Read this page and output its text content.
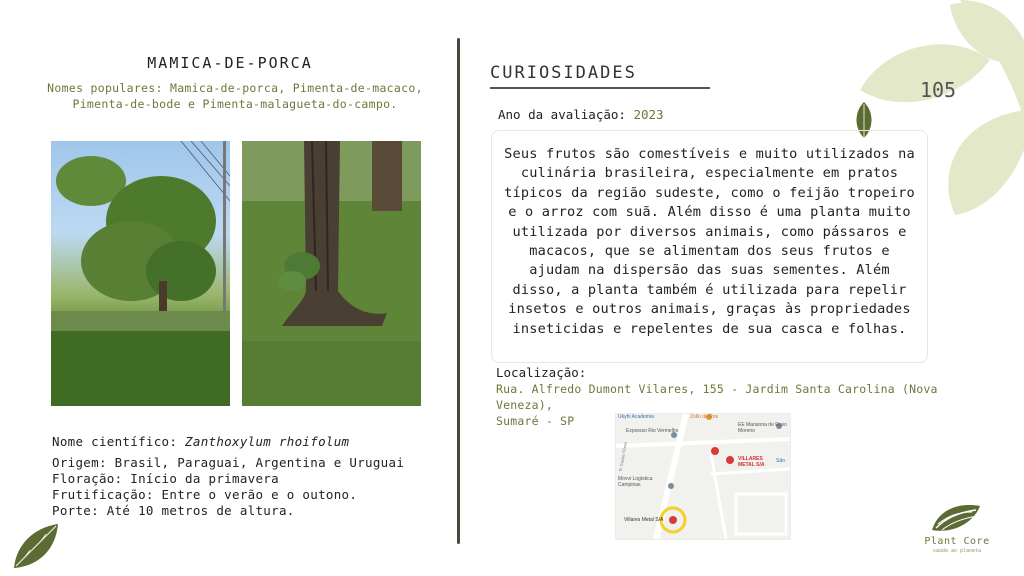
MAMICA-DE-PORCA
Nomes populares: Mamica-de-porca, Pimenta-de-macaco,
Pimenta-de-bode e Pimenta-malagueta-do-campo.
Nome científico: Zanthoxylum rhoifolum
Origem: Brasil, Paraguai, Argentina e Uruguai
Floração: Início da primavera
Frutificação: Entre o verão e o outono.
Porte: Até 10 metros de altura.
CURIOSIDADES
Ano da avaliação: 2023
Seus frutos são comestíveis e muito utilizados na culinária brasileira, especialmente em pratos típicos da região sudeste, como o feijão tropeiro e o arroz com suã. Além disso é uma planta muito utilizada por diversos animais, como pássaros e macacos, que se alimentam dos seus frutos e ajudam na dispersão das suas sementes. Além disso, a planta também é utilizada para repelir insetos e outros animais, graças às propriedades inseticidas e repelentes de sua casca e folhas.
Localização:
Rua. Alfredo Dumont Vilares, 155 - Jardim Santa Carolina (Nova Veneza),
Sumaré - SP	Ukyhi Academia	Zollo de Ros
Expresso Rio Vermelho
EE Marianna de Ruvo Moreno
VILLARES METAL S/A
São
Movvi Logística Campinas
Villares Metal S/A
R. Cactos Flores
105
Plant Core
saúde ao planeta
